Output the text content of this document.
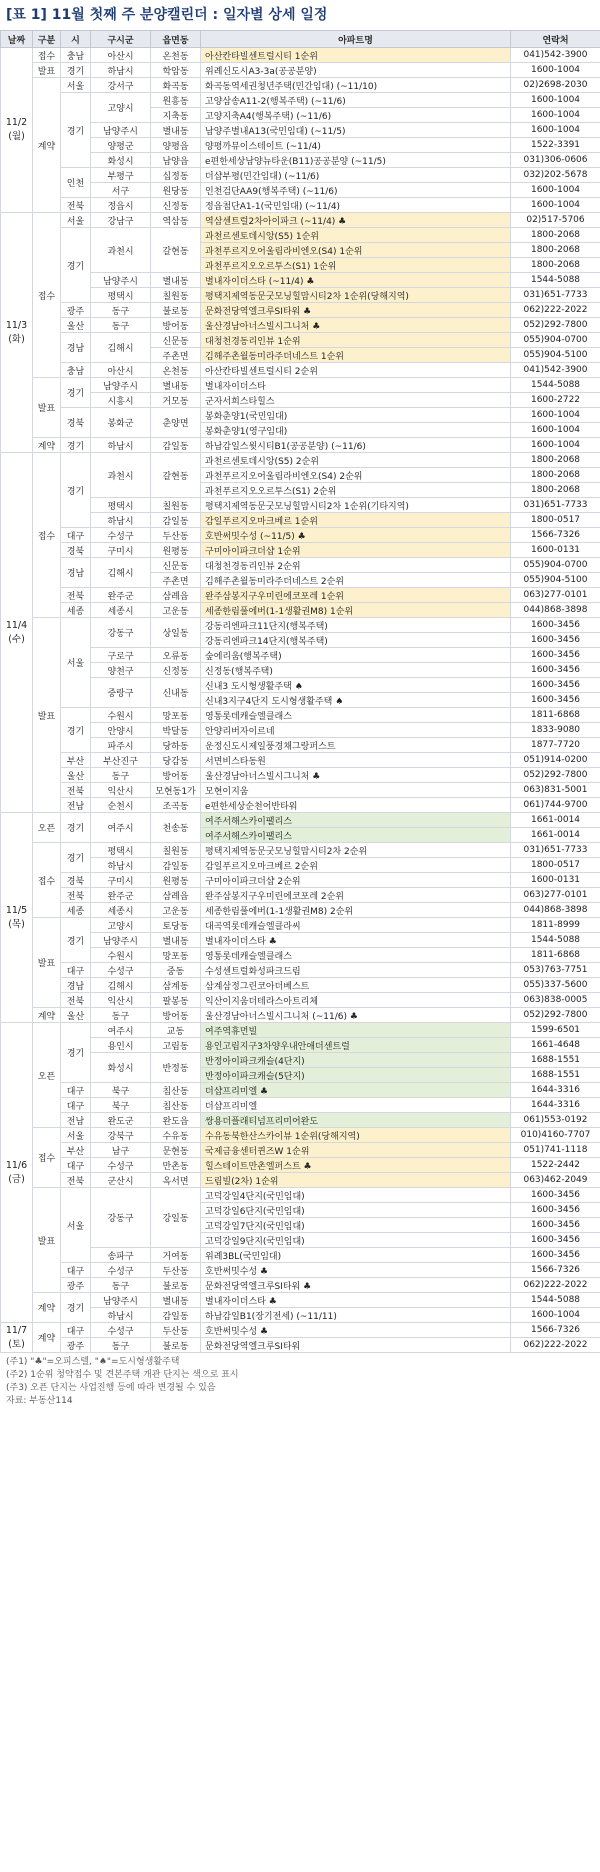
[표 1] 11월 첫째 주 분양캘린더 : 일자별 상세 일정
날짜	구분	시	구시군	읍면동	아파트명	연락처
11/2
(월)	접수	충남	아산시	온천동	아산칸타빌센트럴시티 1순위	041)542-3900
	발표	경기	하남시	학암동	위례신도시A3-3a(공공분양)	1600-1004
	계약	서울	강서구	화곡동	화곡동역세권청년주택(민간임대) (~11/10)	02)2698-2030
		경기	고양시	원흥동	고양삼송A11-2(행복주택) (~11/6)	1600-1004
				지축동	고양지축A4(행복주택) (~11/6)	1600-1004
			남양주시	별내동	남양주별내A13(국민임대) (~11/5)	1600-1004
			양평군	양평읍	양평까뮤이스테이트 (~11/4)	1522-3391
			화성시	남양읍	e편한세상남양뉴타운(B11)공공분양 (~11/5)	031)306-0606
		인천	부평구	십정동	더샵부평(민간임대) (~11/6)	032)202-5678
			서구	원당동	인천검단AA9(행복주택) (~11/6)	1600-1004
		전북	정읍시	신정동	정읍첨단A1-1(국민임대) (~11/4)	1600-1004
11/3
(화)	접수	서울	강남구	역삼동	역삼센트럴2차아이파크 (~11/4) ♣	02)517-5706
		경기	과천시	갈현동	과천르센토데시앙(S5) 1순위	1800-2068
					과천푸르지오어울림라비엔오(S4) 1순위	1800-2068
					과천푸르지오오르투스(S1) 1순위	1800-2068
			남양주시	별내동	별내자이더스타 (~11/4) ♣	1544-5088
			평택시	칠원동	평택지제역동문굿모닝힐맘시티2차 1순위(당해지역)	031)651-7733
		광주	동구	불로동	문화전당역엘크루SI타워 ♣	062)222-2022
		울산	동구	방어동	울산경남아너스빌시그니처 ♣	052)292-7800
		경남	김해시	신문동	대청천경동리인뷰 1순위	055)904-0700
				주촌면	김해주촌월동미라주더네스트 1순위	055)904-5100
		충남	아산시	온천동	아산칸타빌센트럴시티 2순위	041)542-3900
	발표	경기	남양주시	별내동	별내자이더스타	1544-5088
			시흥시	거모동	군자서희스타힐스	1600-2722
		경북	봉화군	춘양면	봉화춘양1(국민임대)	1600-1004
					봉화춘양1(영구임대)	1600-1004
	계약	경기	하남시	감일동	하남감일스윗시티B1(공공분양) (~11/6)	1600-1004
11/4
(수)	접수	경기	과천시	갈현동	과천르센토데시앙(S5) 2순위	1800-2068
					과천푸르지오어울림라비엔오(S4) 2순위	1800-2068
					과천푸르지오오르투스(S1) 2순위	1800-2068
			평택시	칠원동	평택지제역동문굿모닝힐맘시티2차 1순위(기타지역)	031)651-7733
			하남시	감일동	감일푸르지오마크베르 1순위	1800-0517
		대구	수성구	두산동	호반써밋수성 (~11/5) ♣	1566-7326
		경북	구미시	원평동	구미아이파크더샵 1순위	1600-0131
		경남	김해시	신문동	대청천경동리인뷰 2순위	055)904-0700
				주촌면	김해주촌월동미라주더네스트 2순위	055)904-5100
		전북	완주군	삼례읍	완주삼봉지구우미린에코포레 1순위	063)277-0101
		세종	세종시	고운동	세종한림풀에버(1-1생활권M8) 1순위	044)868-3898
	발표	서울	강동구	상일동	강동리엔파크11단지(행복주택)	1600-3456
					강동리엔파크14단지(행복주택)	1600-3456
			구로구	오류동	숲에리움(행복주택)	1600-3456
			양천구	신정동	신정동(행복주택)	1600-3456
			중랑구	신내동	신내3 도시형생활주택 ♠	1600-3456
					신내3지구4단지 도시형생활주택 ♠	1600-3456
		경기	수원시	망포동	영통롯데캐슬엘클래스	1811-6868
			안양시	박달동	안양리버자이르네	1833-9080
			파주시	당하동	운정신도시제일풍경채그랑퍼스트	1877-7720
		부산	부산진구	당감동	서면비스타동원	051)914-0200
		울산	동구	방어동	울산경남아너스빌시그니처 ♣	052)292-7800
		전북	익산시	모현동1가	모현이지움	063)831-5001
		전남	순천시	조곡동	e편한세상순천어반타워	061)744-9700
11/5
(목)	오픈	경기	여주시	천송동	여주서해스카이팰리스	1661-0014
					여주서해스카이팰리스	1661-0014
	접수	경기	평택시	칠원동	평택지제역동문굿모닝힐맘시티2차 2순위	031)651-7733
			하남시	감일동	감일푸르지오마크베르 2순위	1800-0517
		경북	구미시	원평동	구미아이파크더샵 2순위	1600-0131
		전북	완주군	삼례읍	완주삼봉지구우미린에코포레 2순위	063)277-0101
		세종	세종시	고운동	세종한림풀에버(1-1생활권M8) 2순위	044)868-3898
	발표	경기	고양시	토당동	대곡역롯데캐슬엘클라씨	1811-8999
			남양주시	별내동	별내자이더스타 ♣	1544-5088
			수원시	망포동	영통롯데캐슬엘클래스	1811-6868
		대구	수성구	중동	수성센트럴화성파크드림	053)763-7751
		경남	김해시	삼계동	삼계삼정그린코아더베스트	055)337-5600
		전북	익산시	팔봉동	익산이지움더테라스아트리체	063)838-0005
	계약	울산	동구	방어동	울산경남아너스빌시그니처 (~11/6) ♣	052)292-7800
11/6
(금)	오픈	경기	여주시	교동	여주역휴먼빌	1599-6501
			용인시	고림동	용인고림지구3차양우내안애더센트럴	1661-4648
			화성시	반정동	반정아이파크캐슬(4단지)	1688-1551
					반정아이파크캐슬(5단지)	1688-1551
		대구	북구	침산동	더샵프리미엘 ♣	1644-3316
		대구	북구	침산동	더샵프리미엘	1644-3316
		전남	완도군	완도읍	쌍용더플래티넘프리미어완도	061)553-0192
	접수	서울	강북구	수유동	수유동북한산스카이뷰 1순위(당해지역)	010)4160-7707
		부산	남구	문현동	국제금융센터퀸즈W 1순위	051)741-1118
		대구	수성구	만촌동	힐스테이트만촌엘퍼스트 ♣	1522-2442
		전북	군산시	옥서면	드림빌(2차) 1순위	063)462-2049
	발표	서울	강동구	강일동	고덕강일4단지(국민임대)	1600-3456
					고덕강일6단지(국민임대)	1600-3456
					고덕강일7단지(국민임대)	1600-3456
					고덕강일9단지(국민임대)	1600-3456
			송파구	거여동	위례3BL(국민임대)	1600-3456
		대구	수성구	두산동	호반써밋수성 ♣	1566-7326
		광주	동구	불로동	문화전당역엘크루SI타워 ♣	062)222-2022
	계약	경기	남양주시	별내동	별내자이더스타 ♣	1544-5088
			하남시	감일동	하남감일B1(장기전세) (~11/11)	1600-1004
11/7
(토)	계약	대구	수성구	두산동	호반써밋수성 ♣	1566-7326
		광주	동구	불로동	문화전당역엘크루SI타워	062)222-2022
(주1) "♣"=오피스텔, "♠"=도시형생활주택
(주2) 1순위 청약접수 및 견본주택 개관 단지는 색으로 표시
(주3) 오픈 단지는 사업진행 등에 따라 변경될 수 있음
자료: 부동산114
